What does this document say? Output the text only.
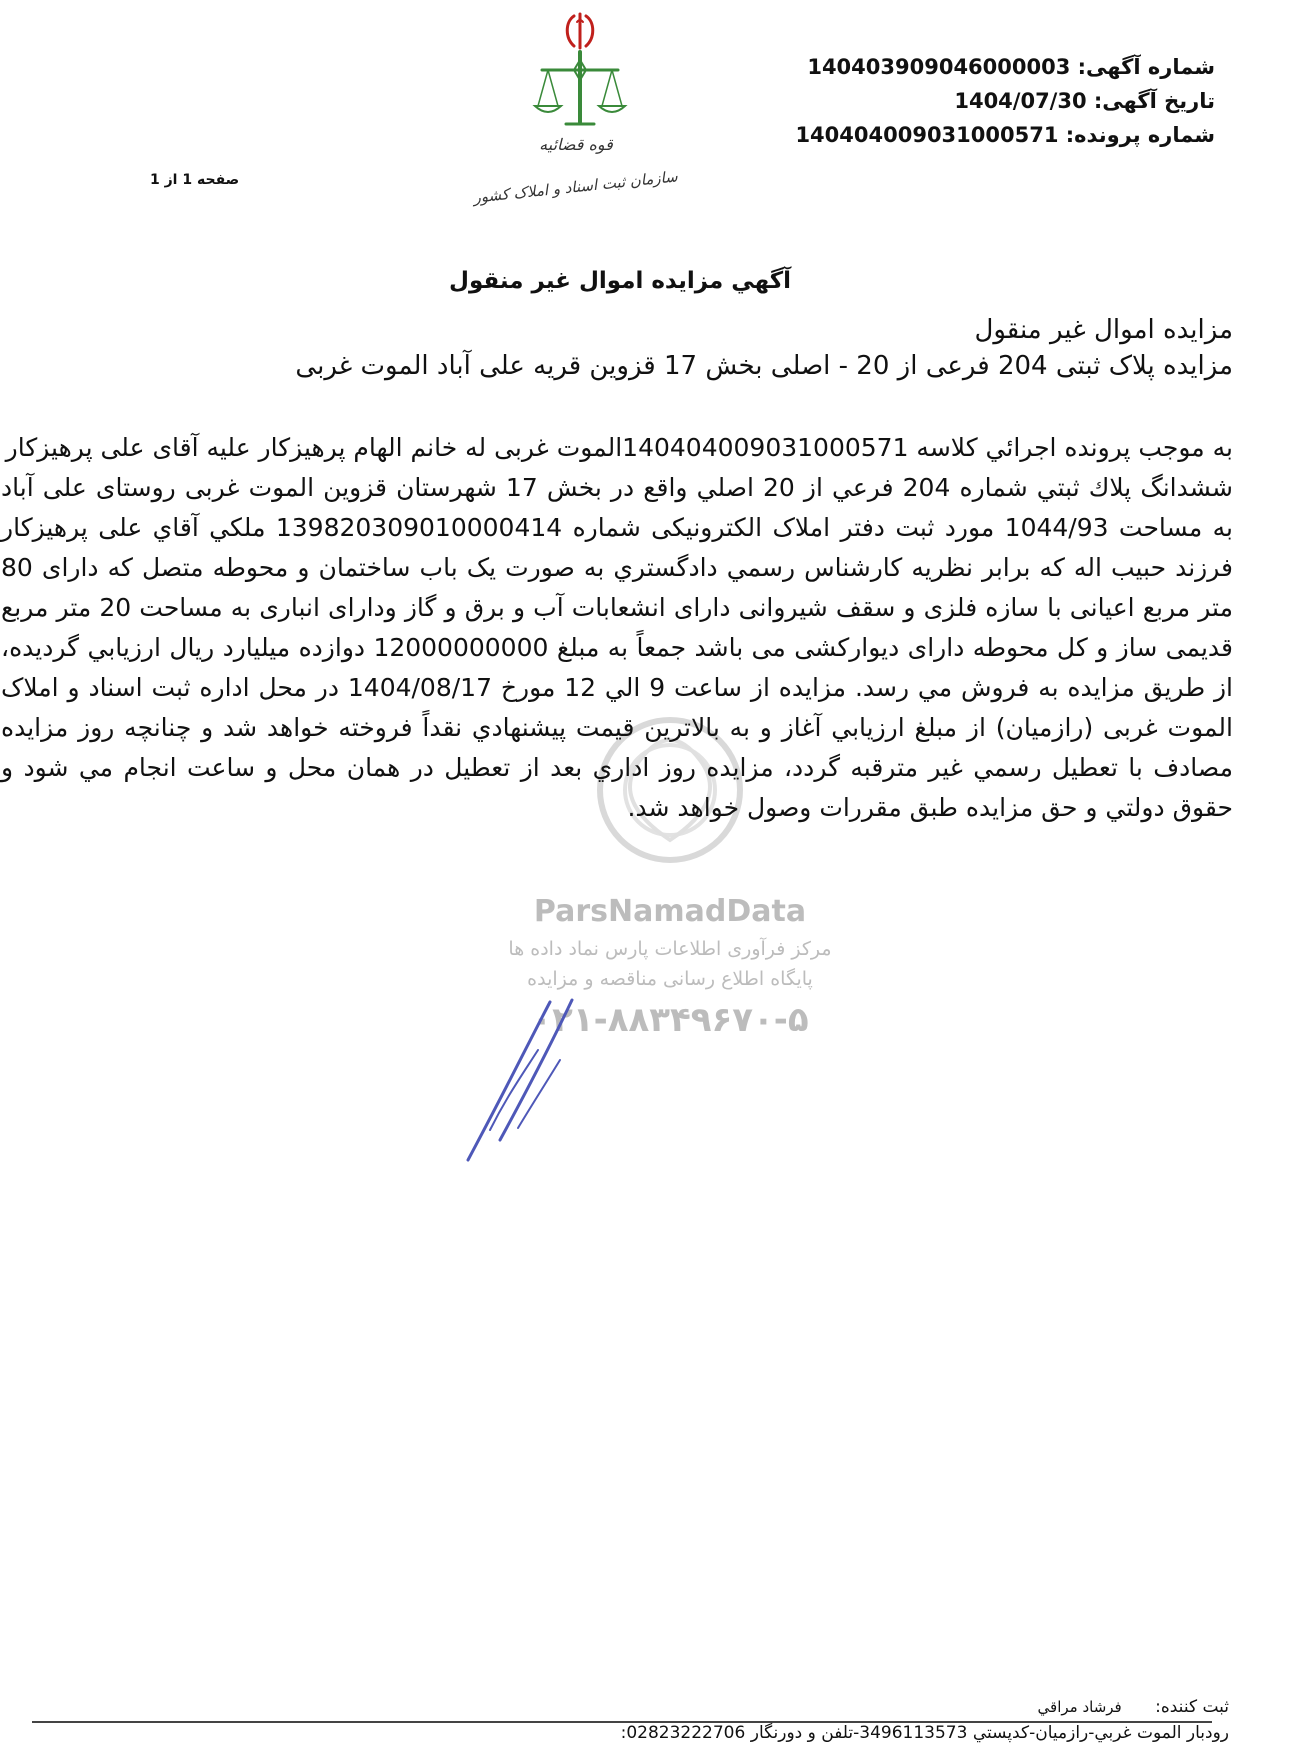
شماره آگهی: 140403909046000003
تاریخ آگهی: 1404/07/30
شماره پرونده: 140404009031000571
صفحه 1 از 1
قوه قضائیه
سازمان ثبت اسناد و املاک کشور
آگهي مزايده اموال غير منقول
مزایده اموال غیر منقول
مزایده پلاک ثبتی 204 فرعی از 20 - اصلی بخش 17 قزوین قریه علی آباد الموت غربی
ParsNamadData
مرکز فرآوری اطلاعات پارس نماد داده ها
پایگاه اطلاع رسانی مناقصه و مزایده
۰۲۱-۸۸۳۴۹۶۷۰-۵

به موجب پرونده اجرائي كلاسه 140404009031000571الموت غربی له خانم الهام پرهیزکار علیه آقای علی پرهیزکار

ششدانگ پلاك ثبتي شماره 204 فرعي از 20 اصلي واقع در بخش 17 شهرستان قزوين الموت غربی روستای علی آباد به مساحت 1044/93 مورد ثبت دفتر املاک الکترونیکی شماره 139820309010000414 ملكي آقاي علی پرهیزکار فرزند حبیب اله كه برابر نظريه كارشناس رسمي دادگستري به صورت یک باب ساختمان و محوطه متصل که دارای 80 متر مربع اعیانی با سازه فلزی و سقف شیروانی دارای انشعابات آب و برق و گاز ودارای انباری به مساحت 20 متر مربع قدیمی ساز و کل محوطه دارای دیوارکشی می باشد جمعاً به مبلغ 12000000000 دوازده میلیارد ريال ارزيابي گرديده، از طريق مزايده به فروش مي رسد. مزايده از ساعت 9 الي 12 مورخ 1404/08/17 در محل اداره ثبت اسناد و املاک الموت غربی (رازمیان) از مبلغ ارزيابي آغاز و به بالاترين قيمت پيشنهادي نقداً فروخته خواهد شد و چنانچه روز مزايده مصادف با تعطيل رسمي غير مترقبه گردد، مزايده روز اداري بعد از تعطيل در همان محل و ساعت انجام مي شود و حقوق دولتي و حق مزايده طبق مقررات وصول خواهد شد.

ثبت کننده: فرشاد مراقي
رودبار الموت غربي-رازميان-كدپستي 3496113573-تلفن و دورنگار 02823222706:
